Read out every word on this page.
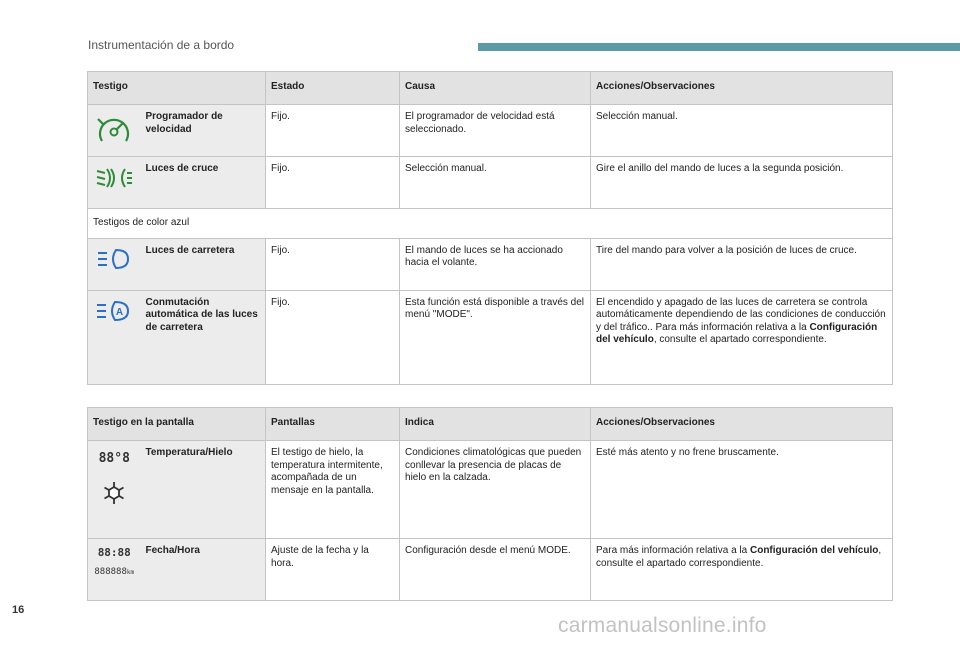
Instrumentación de a bordo
Testigo		Estado	Causa	Acciones/Observaciones

	Programador de velocidad	Fijo.	El programador de velocidad está seleccionado.	Selección manual.

	Luces de cruce	Fijo.	Selección manual.	Gire el anillo del mando de luces a la segunda posición.
Testigos de color azul				

	Luces de carretera	Fijo.	El mando de luces se ha accionado hacia el volante.	Tire del mando para volver a la posición de luces de cruce.

A	Conmutación automática de las luces de carretera	Fijo.	Esta función está disponible a través del menú "MODE".	El encendido y apagado de las luces de carretera se controla automáticamente dependiendo de las condiciones de conducción y del tráfico.. Para más información relativa a la Configuración del vehículo, consulte el apartado correspondiente.
Testigo en la pantalla		Pantallas	Indica	Acciones/Observaciones

88°8	Temperatura/Hielo	El testigo de hielo, la temperatura intermitente, acompañada de un mensaje en la pantalla.	Condiciones climatológicas que pueden conllevar la presencia de placas de hielo en la calzada.	Esté más atento y no frene bruscamente.

88:88
888888km	Fecha/Hora	Ajuste de la fecha y la hora.	Configuración desde el menú MODE.	Para más información relativa a la Configuración del vehículo, consulte el apartado correspondiente.
16
carmanualsonline.info
